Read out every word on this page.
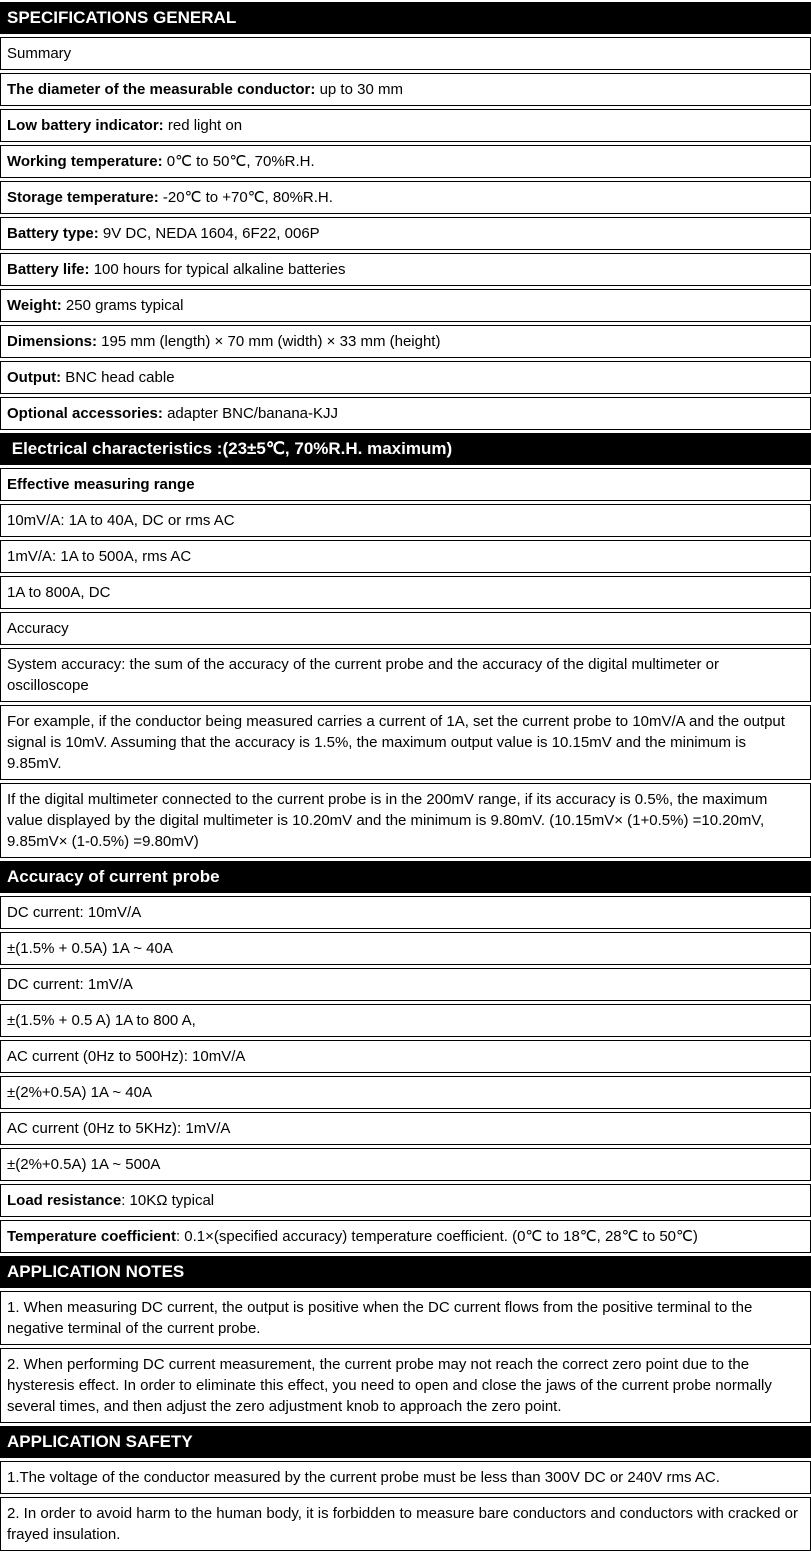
SPECIFICATIONS GENERAL
Summary
The diameter of the measurable conductor: up to 30 mm
Low battery indicator: red light on
Working temperature: 0℃ to 50℃, 70%R.H.
Storage temperature: -20℃ to +70℃, 80%R.H.
Battery type: 9V DC, NEDA 1604, 6F22, 006P
Battery life: 100 hours for typical alkaline batteries
Weight: 250 grams typical
Dimensions: 195 mm (length) × 70 mm (width) × 33 mm (height)
Output: BNC head cable
Optional accessories: adapter BNC/banana-KJJ
Electrical characteristics :(23±5℃, 70%R.H. maximum)
Effective measuring range
10mV/A: 1A to 40A, DC or rms AC
1mV/A: 1A to 500A, rms AC
1A to 800A, DC
Accuracy
System accuracy: the sum of the accuracy of the current probe and the accuracy of the digital multimeter or oscilloscope
For example, if the conductor being measured carries a current of 1A, set the current probe to 10mV/A and the output signal is 10mV. Assuming that the accuracy is 1.5%, the maximum output value is 10.15mV and the minimum is 9.85mV.
If the digital multimeter connected to the current probe is in the 200mV range, if its accuracy is 0.5%, the maximum value displayed by the digital multimeter is 10.20mV and the minimum is 9.80mV. (10.15mV× (1+0.5%) =10.20mV, 9.85mV× (1-0.5%) =9.80mV)
Accuracy of current probe
DC current: 10mV/A
±(1.5% + 0.5A) 1A ~ 40A
DC current: 1mV/A
±(1.5% + 0.5 A) 1A to 800 A,
AC current (0Hz to 500Hz): 10mV/A
±(2%+0.5A) 1A ~ 40A
AC current (0Hz to 5KHz): 1mV/A
±(2%+0.5A) 1A ~ 500A
Load resistance: 10KΩ typical
Temperature coefficient: 0.1×(specified accuracy) temperature coefficient. (0℃ to 18℃, 28℃ to 50℃)
APPLICATION NOTES
1. When measuring DC current, the output is positive when the DC current flows from the positive terminal to the negative terminal of the current probe.
2. When performing DC current measurement, the current probe may not reach the correct zero point due to the hysteresis effect. In order to eliminate this effect, you need to open and close the jaws of the current probe normally several times, and then adjust the zero adjustment knob to approach the zero point.
APPLICATION SAFETY
1.The voltage of the conductor measured by the current probe must be less than 300V DC or 240V rms AC.
2. In order to avoid harm to the human body, it is forbidden to measure bare conductors and conductors with cracked or frayed insulation.
